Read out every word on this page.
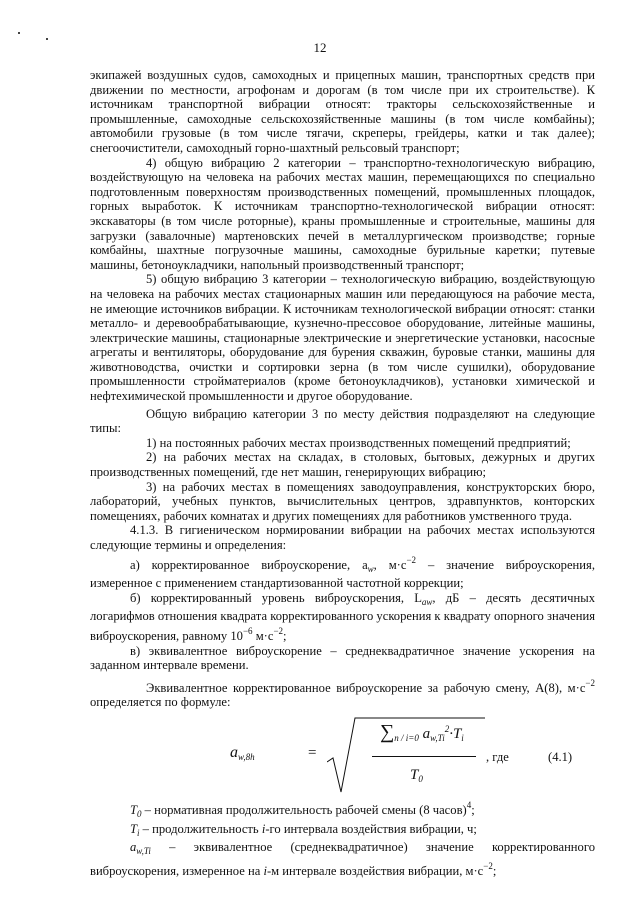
12

экипажей воздушных судов, самоходных и прицепных машин, транспортных средств при движении по местности, агрофонам и дорогам (в том числе при их строительстве). К источникам транспортной вибрации относят: тракторы сельскохозяйственные и промышленные, самоходные сельскохозяйственные машины (в том числе комбайны); автомобили грузовые (в том числе тягачи, скреперы, грейдеры, катки и так далее); снегоочистители, самоходный горно-шахтный рельсовый транспорт;

4) общую вибрацию 2 категории – транспортно-технологическую вибрацию, воздействующую на человека на рабочих местах машин, перемещающихся по специально подготовленным поверхностям производственных помещений, промышленных площадок, горных выработок. К источникам транспортно-технологической вибрации относят: экскаваторы (в том числе роторные), краны промышленные и строительные, машины для загрузки (завалочные) мартеновских печей в металлургическом производстве; горные комбайны, шахтные погрузочные машины, самоходные бурильные каретки; путевые машины, бетоноукладчики, напольный производственный транспорт;

5) общую вибрацию 3 категории – технологическую вибрацию, воздействующую на человека на рабочих местах стационарных машин или передающуюся на рабочие места, не имеющие источников вибрации. К источникам технологической вибрации относят: станки металло- и деревообрабатывающие, кузнечно-прессовое оборудование, литейные машины, электрические машины, стационарные электрические и энергетические установки, насосные агрегаты и вентиляторы, оборудование для бурения скважин, буровые станки, машины для животноводства, очистки и сортировки зерна (в том числе сушилки), оборудование промышленности стройматериалов (кроме бетоноукладчиков), установки химической и нефтехимической промышленности и другое оборудование.

Общую вибрацию категории 3 по месту действия подразделяют на следующие типы:

1) на постоянных рабочих местах производственных помещений предприятий;

2) на рабочих местах на складах, в столовых, бытовых, дежурных и других производственных помещений, где нет машин, генерирующих вибрацию;

3) на рабочих местах в помещениях заводоуправления, конструкторских бюро, лабораторий, учебных пунктов, вычислительных центров, здравпунктов, конторских помещениях, рабочих комнатах и других помещениях для работников умственного труда.

4.1.3. В гигиеническом нормировании вибрации на рабочих местах используются следующие термины и определения:

а) корректированное виброускорение, $a_w$, $м\cdot с^{-2}$ – значение виброускорения, измеренное с применением стандартизованной частотной коррекции;

б) корректированный уровень виброускорения, $L_{aw}$, дБ – десять десятичных логарифмов отношения квадрата корректированного ускорения к квадрату опорного значения виброускорения, равному $10^{-6}$ $м\cdot с^{-2}$;

в) эквивалентное виброускорение – среднеквадратичное значение ускорения на заданном интервале времени.

Эквивалентное корректированное виброускорение за рабочую смену, A(8), $м\cdot с^{-2}$ определяется по формуле:

$a_{w,8h}$	=
$\sum_{n / i=0}$ $a_{w,Ti}^2\cdot T_i$
$T_0$
, где	(4.1)

$T_0$ – нормативная продолжительность рабочей смены (8 часов)$^4$;

$T_i$ – продолжительность i-го интервала воздействия вибрации, ч;

$a_{w,Ti}$ – эквивалентное (среднеквадратичное) значение корректированного виброускорения, измеренное на i-м интервале воздействия вибрации, $м\cdot с^{-2}$;
